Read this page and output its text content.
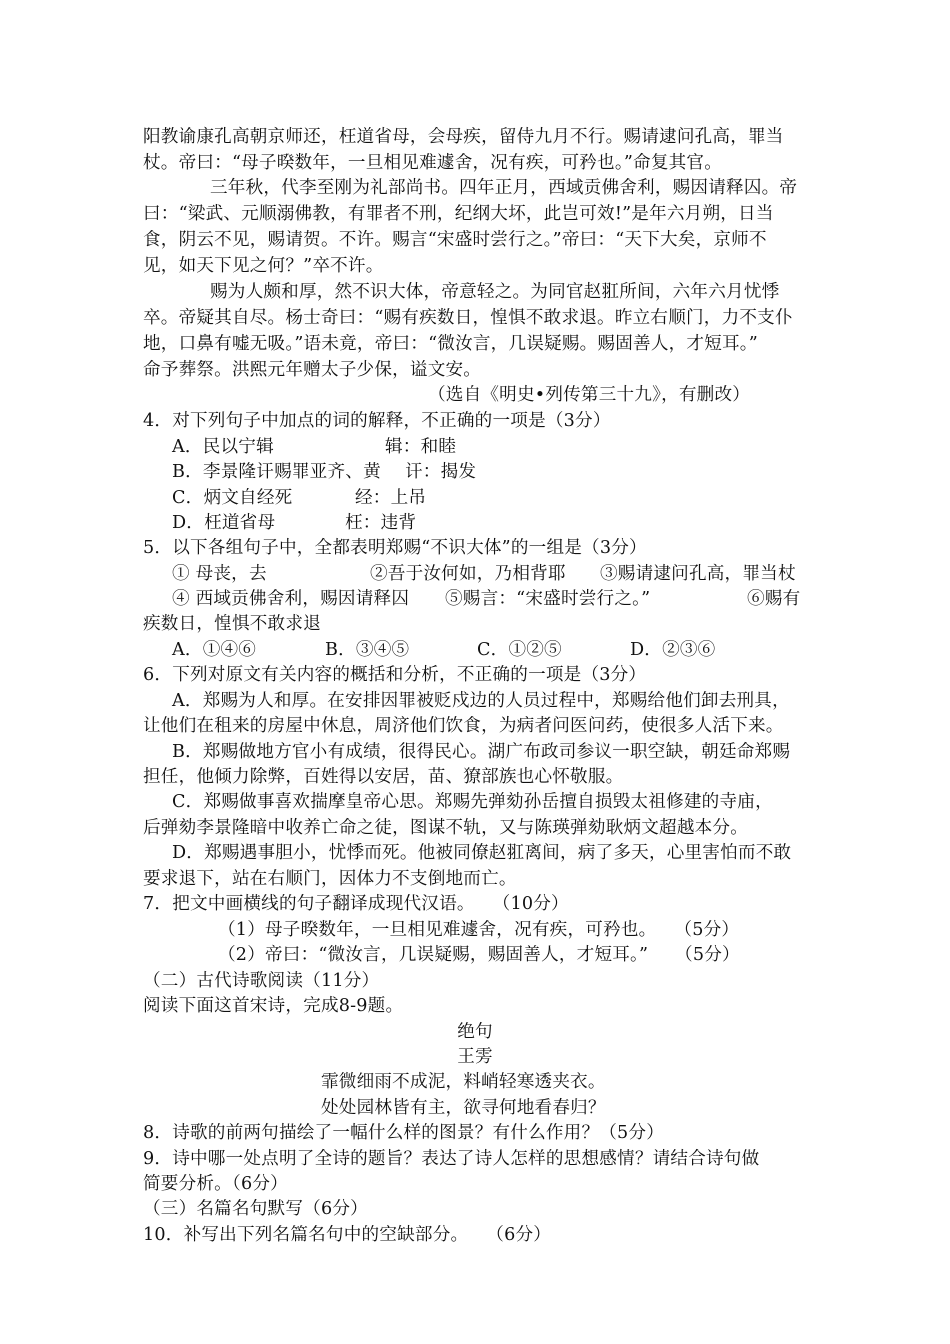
阳教谕康孔高朝京师还，枉道省母，会母疾，留侍九月不行。赐请逮问孔高，罪当
杖。帝曰：“母子暌数年，一旦相见难遽舍，况有疾，可矜也。”命复其官。
三年秋，代李至刚为礼部尚书。四年正月，西域贡佛舍利，赐因请释囚。帝
曰：“梁武、元顺溺佛教，有罪者不刑，纪纲大坏，此岂可效!”是年六月朔，日当
食，阴云不见，赐请贺。不许。赐言“宋盛时尝行之。”帝曰：“天下大矣，京师不
见，如天下见之何？”卒不许。
赐为人颇和厚，然不识大体，帝意轻之。为同官赵羾所间，六年六月忧悸
卒。帝疑其自尽。杨士奇曰：“赐有疾数日，惶惧不敢求退。昨立右顺门，力不支仆
地，口鼻有嘘无吸。”语未竟，帝曰：“微汝言，几误疑赐。赐固善人，才短耳。”
命予葬祭。洪熙元年赠太子少保，谥文安。
（选自《明史•列传第三十九》，有删改）
4．对下列句子中加点的词的解释，不正确的一项是（3分）
A．民以宁辑	辑：和睦
B．李景隆讦赐罪亚齐、黄 讦：揭发
C．炳文自经死	经：上吊
D．枉道省母	枉：违背
5．以下各组句子中，全都表明郑赐“不识大体”的一组是（3分）
① 母丧，去	②吾于汝何如，乃相背耶 ③赐请逮问孔高，罪当杖
④ 西域贡佛舍利，赐因请释囚 ⑤赐言：“宋盛时尝行之。”	⑥赐有
疾数日，惶惧不敢求退
A．①④⑥	B．③④⑤	C．①②⑤	D．②③⑥
6．下列对原文有关内容的概括和分析，不正确的一项是（3分）
A．郑赐为人和厚。在安排因罪被贬戍边的人员过程中，郑赐给他们卸去刑具，
让他们在租来的房屋中休息，周济他们饮食，为病者问医问药，使很多人活下来。
B．郑赐做地方官小有成绩，很得民心。湖广布政司参议一职空缺，朝廷命郑赐
担任，他倾力除弊，百姓得以安居，苗、獠部族也心怀敬服。
C．郑赐做事喜欢揣摩皇帝心思。郑赐先弹劾孙岳擅自损毁太祖修建的寺庙，
后弹劾李景隆暗中收养亡命之徒，图谋不轨，又与陈瑛弹劾耿炳文超越本分。
D．郑赐遇事胆小，忧悸而死。他被同僚赵羾离间，病了多天，心里害怕而不敢
要求退下，站在右顺门，因体力不支倒地而亡。
7．把文中画横线的句子翻译成现代汉语。　　（10分）
（1）母子暌数年，一旦相见难遽舍，况有疾，可矜也。　　（5分）
（2）帝曰：“微汝言，几误疑赐，赐固善人，才短耳。”　　（5分）
（二）古代诗歌阅读（11分）
阅读下面这首宋诗，完成8-9题。
绝句
王雱
霏微细雨不成泥，料峭轻寒透夹衣。
处处园林皆有主，欲寻何地看春归？
8．诗歌的前两句描绘了一幅什么样的图景？有什么作用？（5分）
9．诗中哪一处点明了全诗的题旨？表达了诗人怎样的思想感情？请结合诗句做
简要分析。（6分）
（三）名篇名句默写（6分）
10．补写出下列名篇名句中的空缺部分。　　（6分）
